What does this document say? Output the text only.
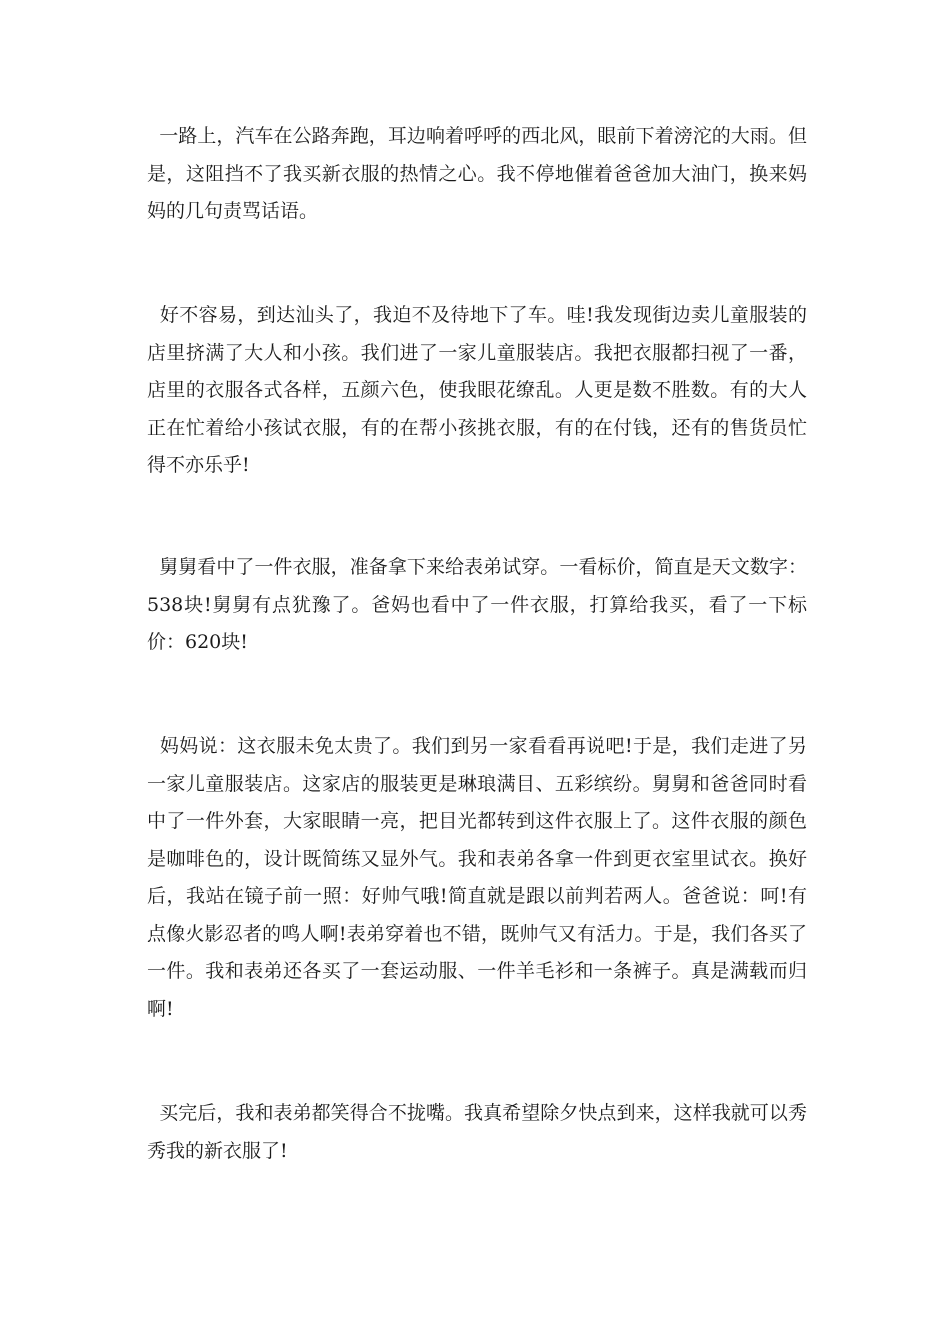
一路上，汽车在公路奔跑，耳边响着呼呼的西北风，眼前下着滂沱的大雨。但是，这阻挡不了我买新衣服的热情之心。我不停地催着爸爸加大油门，换来妈妈的几句责骂话语。

好不容易，到达汕头了，我迫不及待地下了车。哇!我发现街边卖儿童服装的店里挤满了大人和小孩。我们进了一家儿童服装店。我把衣服都扫视了一番，店里的衣服各式各样，五颜六色，使我眼花缭乱。人更是数不胜数。有的大人正在忙着给小孩试衣服，有的在帮小孩挑衣服，有的在付钱，还有的售货员忙得不亦乐乎!

舅舅看中了一件衣服，准备拿下来给表弟试穿。一看标价，简直是天文数字：538块!舅舅有点犹豫了。爸妈也看中了一件衣服，打算给我买，看了一下标价：620块!

妈妈说：这衣服未免太贵了。我们到另一家看看再说吧!于是，我们走进了另一家儿童服装店。这家店的服装更是琳琅满目、五彩缤纷。舅舅和爸爸同时看中了一件外套，大家眼睛一亮，把目光都转到这件衣服上了。这件衣服的颜色是咖啡色的，设计既简练又显外气。我和表弟各拿一件到更衣室里试衣。换好后，我站在镜子前一照：好帅气哦!简直就是跟以前判若两人。爸爸说：呵!有点像火影忍者的鸣人啊!表弟穿着也不错，既帅气又有活力。于是，我们各买了一件。我和表弟还各买了一套运动服、一件羊毛衫和一条裤子。真是满载而归啊!

买完后，我和表弟都笑得合不拢嘴。我真希望除夕快点到来，这样我就可以秀秀我的新衣服了!
